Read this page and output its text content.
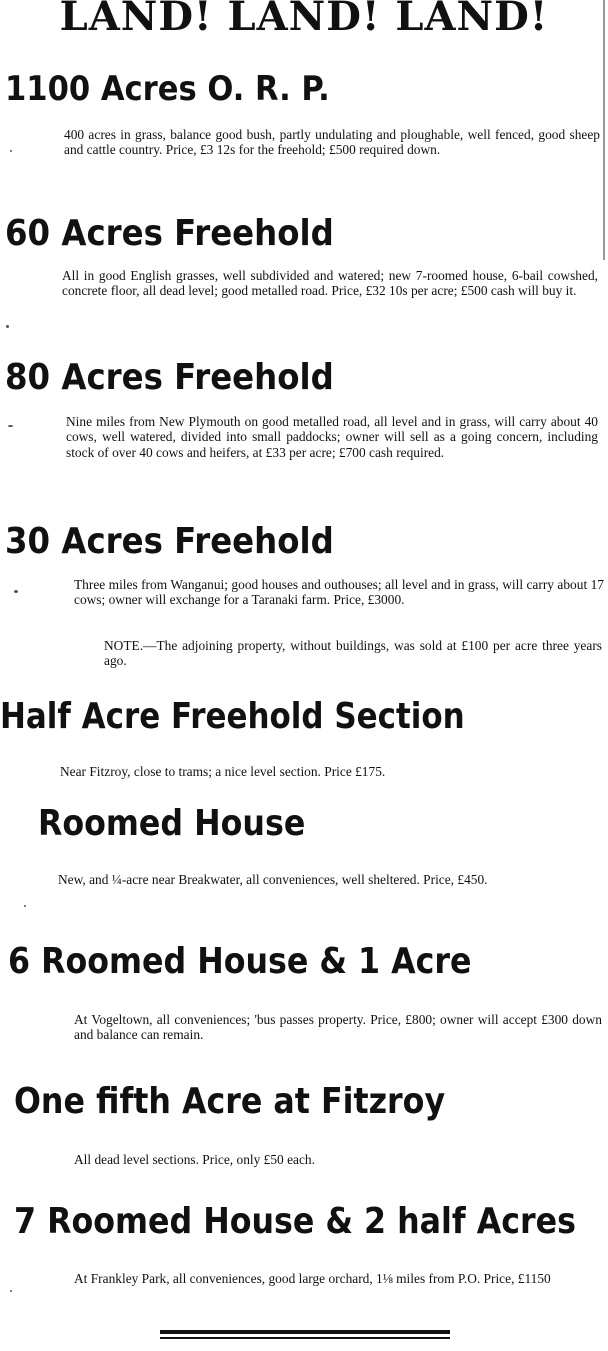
LAND! LAND! LAND!
1100 Acres O. R. P.
400 acres in grass, balance good bush, partly undulating and ploughable, well fenced, good sheep and cattle country. Price, £3 12s for the freehold; £500 required down.
60 Acres Freehold
All in good English grasses, well subdivided and watered; new 7-roomed house, 6-bail cowshed, concrete floor, all dead level; good metalled road. Price, £32 10s per acre; £500 cash will buy it.
80 Acres Freehold
Nine miles from New Plymouth on good metalled road, all level and in grass, will carry about 40 cows, well watered, divided into small paddocks; owner will sell as a going concern, including stock of over 40 cows and heifers, at £33 per acre; £700 cash required.
30 Acres Freehold
Three miles from Wanganui; good houses and outhouses; all level and in grass, will carry about 17 cows; owner will exchange for a Taranaki farm. Price, £3000.
NOTE.—The adjoining property, without buildings, was sold at £100 per acre three years ago.
Half Acre Freehold Section
Near Fitzroy, close to trams; a nice level section. Price £175.
Roomed House
New, and ¼-acre near Breakwater, all conveniences, well sheltered. Price, £450.
6 Roomed House & 1 Acre
At Vogeltown, all conveniences; 'bus passes property. Price, £800; owner will accept £300 down and balance can remain.
One fifth Acre at Fitzroy
All dead level sections. Price, only £50 each.
7 Roomed House & 2 half Acres
At Frankley Park, all conveniences, good large orchard, 1⅛ miles from P.O. Price, £1150
